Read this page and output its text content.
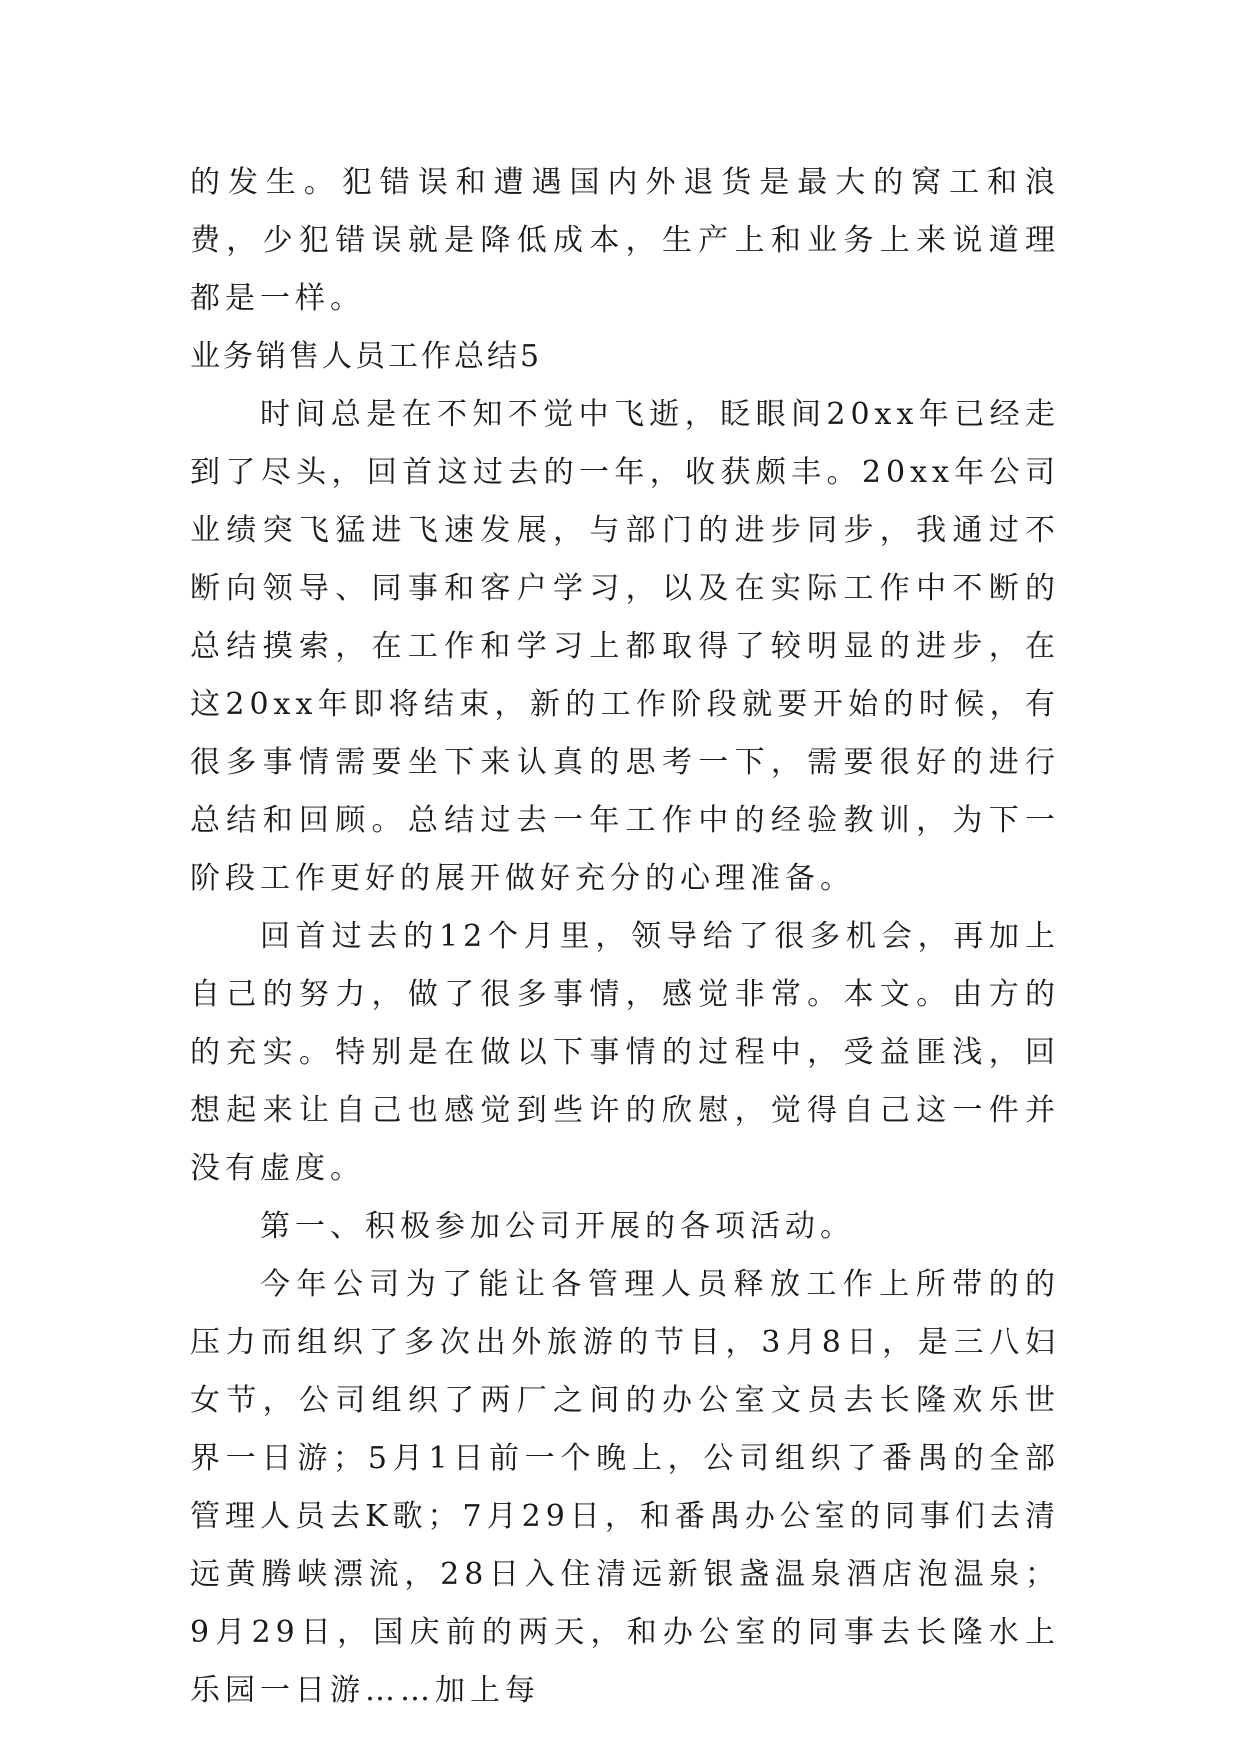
的发生。犯错误和遭遇国内外退货是最大的窝工和浪费，少犯错误就是降低成本，生产上和业务上来说道理都是一样。

业务销售人员工作总结5

时间总是在不知不觉中飞逝，眨眼间20xx年已经走到了尽头，回首这过去的一年，收获颇丰。20xx年公司业绩突飞猛进飞速发展，与部门的进步同步，我通过不断向领导、同事和客户学习，以及在实际工作中不断的总结摸索，在工作和学习上都取得了较明显的进步，在这20xx年即将结束，新的工作阶段就要开始的时候，有很多事情需要坐下来认真的思考一下，需要很好的进行总结和回顾。总结过去一年工作中的经验教训，为下一阶段工作更好的展开做好充分的心理准备。

回首过去的12个月里，领导给了很多机会，再加上自己的努力，做了很多事情，感觉非常。本文。由方的的充实。特别是在做以下事情的过程中，受益匪浅，回想起来让自己也感觉到些许的欣慰，觉得自己这一件并没有虚度。

第一、积极参加公司开展的各项活动。

今年公司为了能让各管理人员释放工作上所带的的压力而组织了多次出外旅游的节目，3月8日，是三八妇女节，公司组织了两厂之间的办公室文员去长隆欢乐世界一日游；5月1日前一个晚上，公司组织了番禺的全部管理人员去K歌；7月29日，和番禺办公室的同事们去清远黄腾峡漂流，28日入住清远新银盏温泉酒店泡温泉；9月29日，国庆前的两天，和办公室的同事去长隆水上乐园一日游……加上每
